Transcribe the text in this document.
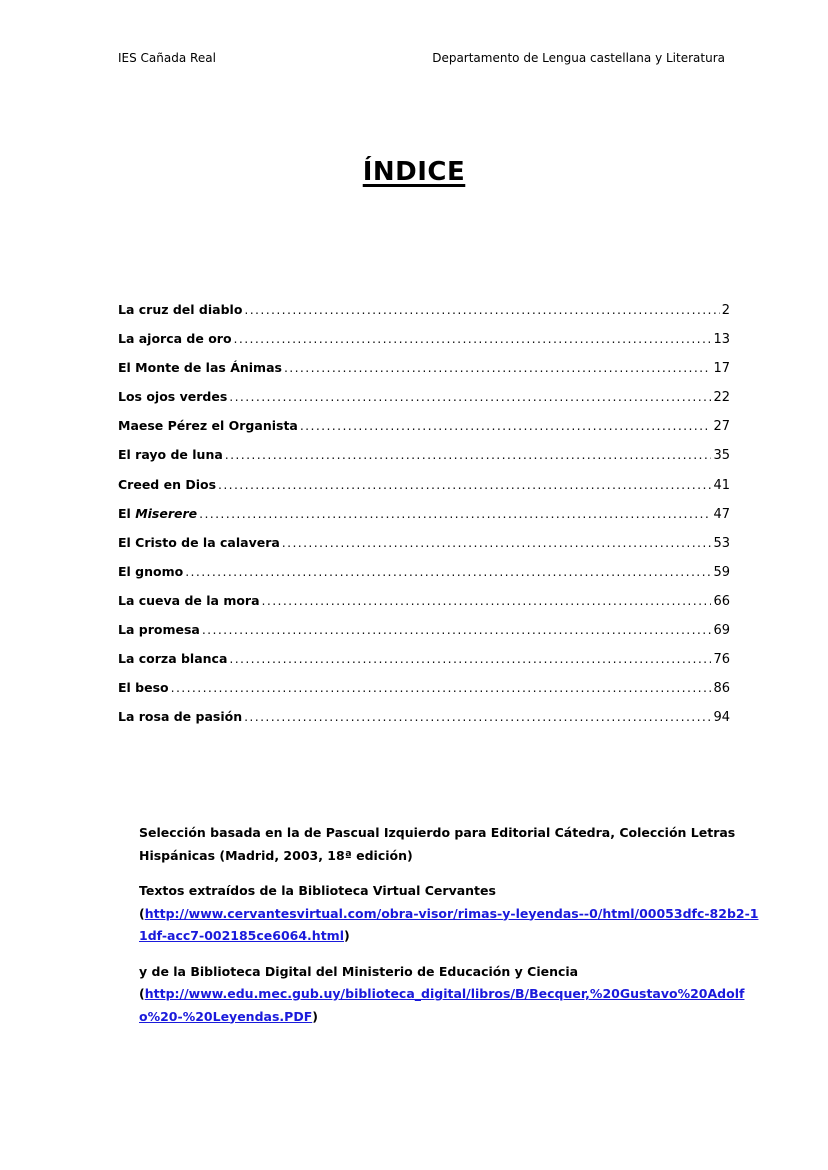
IES Cañada Real	Departamento de Lengua castellana y Literatura
ÍNDICE
La cruz del diablo .....	2
La ajorca de oro .....	13
El Monte de las Ánimas .....	17
Los ojos verdes .....	22
Maese Pérez el Organista .....	27
El rayo de luna .....	35
Creed en Dios .....	41
El Miserere .....	47
El Cristo de la calavera .....	53
El gnomo .....	59
La cueva de la mora .....	66
La promesa .....	69
La corza blanca .....	76
El beso .....	86
La rosa de pasión .....	94

Selección basada en la de Pascual Izquierdo para Editorial Cátedra, Colección Letras Hispánicas (Madrid, 2003, 18ª edición)

Textos extraídos de la Biblioteca Virtual Cervantes
(http://www.cervantesvirtual.com/obra-visor/rimas-y-leyendas--0/html/00053dfc-82b2-11df-acc7-002185ce6064.html)

y de la Biblioteca Digital del Ministerio de Educación y Ciencia
(http://www.edu.mec.gub.uy/biblioteca_digital/libros/B/Becquer,%20Gustavo%20Adolfo%20-%20Leyendas.PDF)
